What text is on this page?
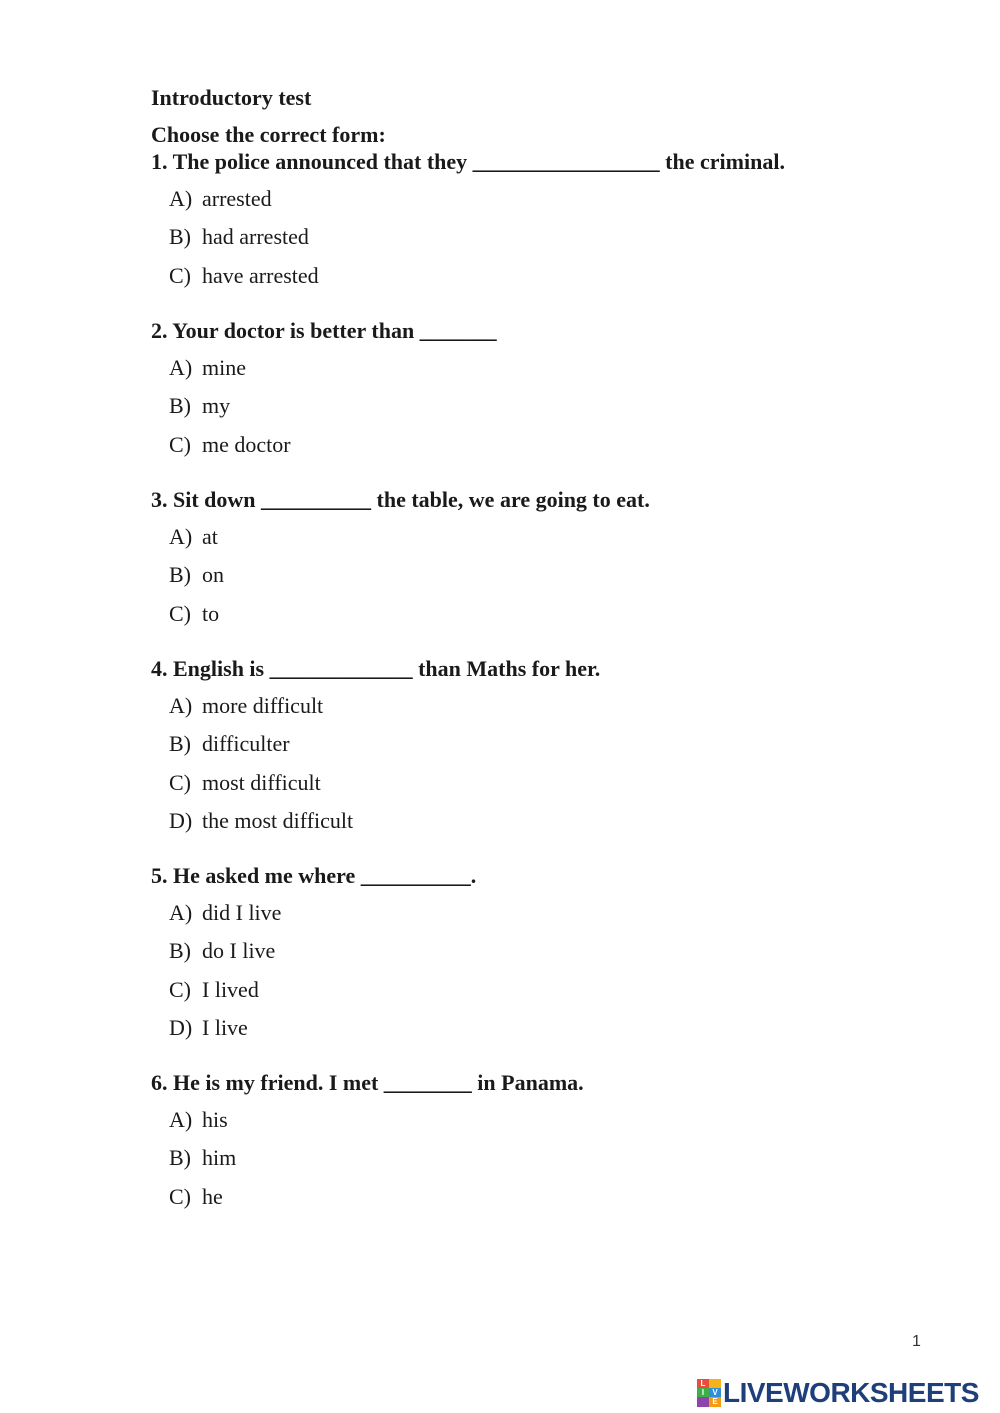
Introductory test
Choose the correct form:

1. The police announced that they _________________ the criminal.

A) arrested
B) had arrested
C) have arrested

2. Your doctor is better than _______

A) mine
B) my
C) me doctor

3. Sit down __________ the table, we are going to eat.

A) at
B) on
C) to

4. English is _____________ than Maths for her.

A) more difficult
B) difficulter
C) most difficult
D) the most difficult

5. He asked me where __________.

A) did I live
B) do I live
C) I lived
D) I live

6. He is my friend. I met ________ in Panama.

A) his
B) him
C) he
1
L
I	V
E LIVEWORKSHEETS
